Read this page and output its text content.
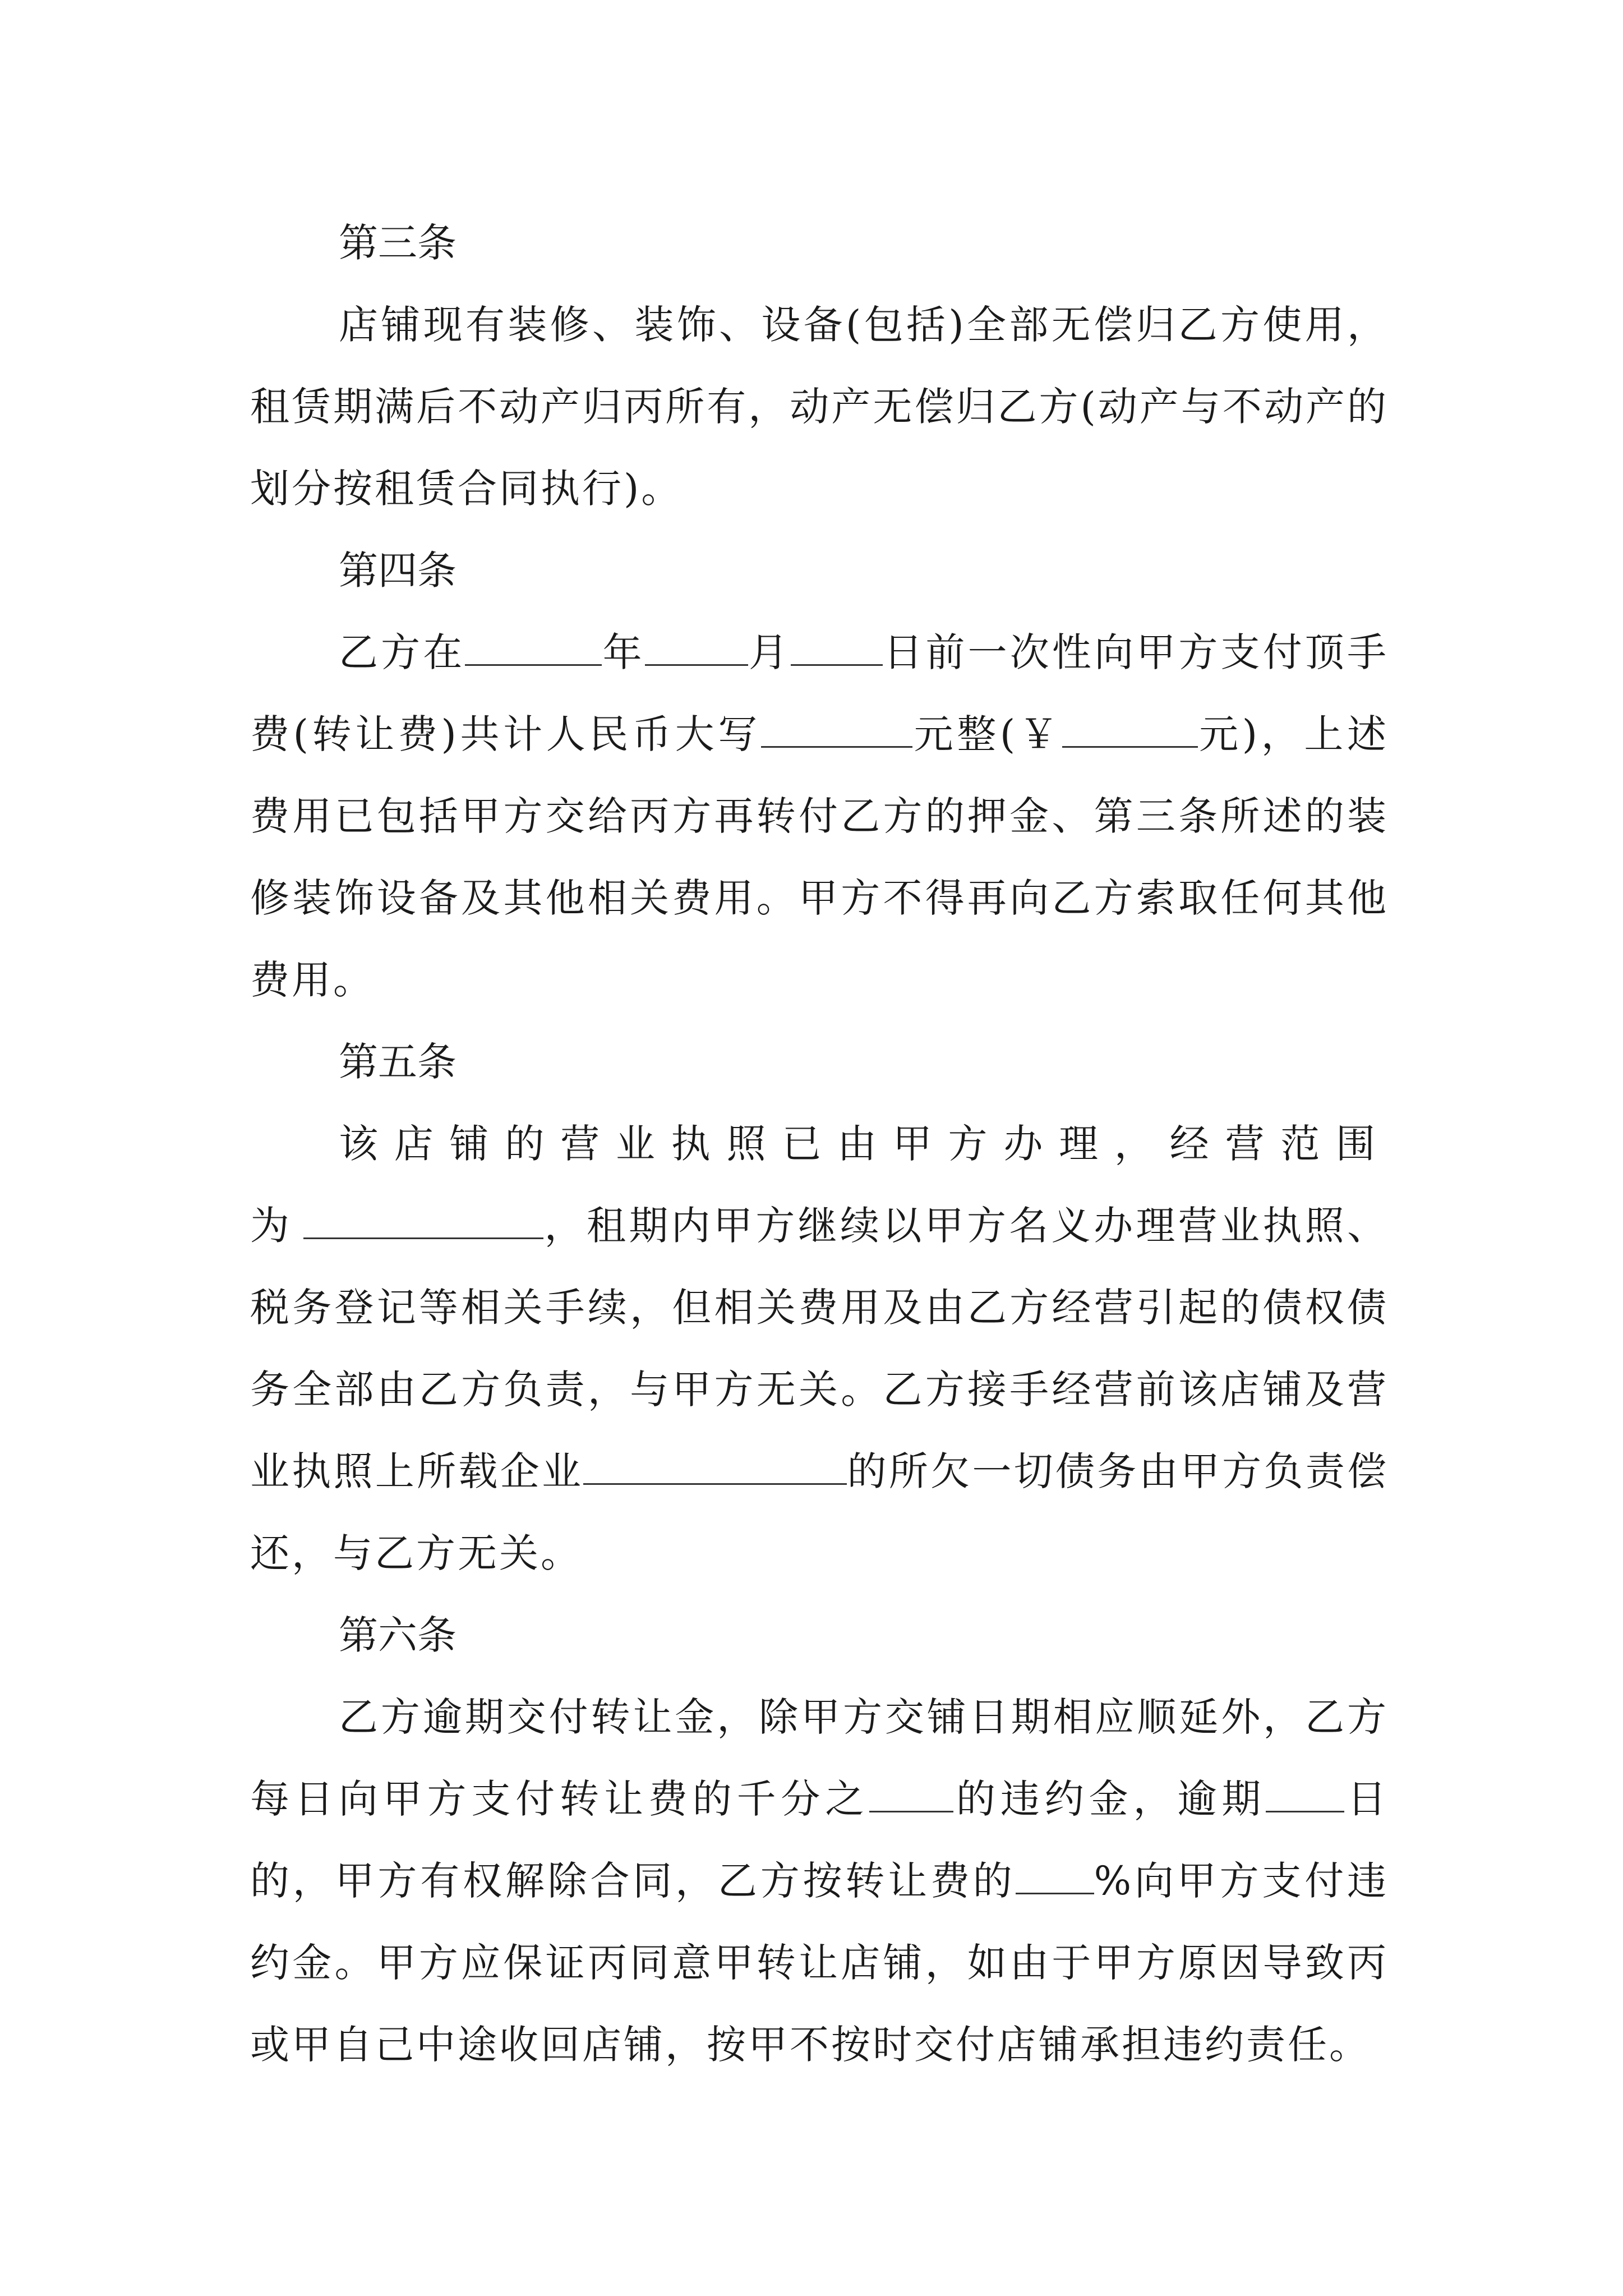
第三条
店铺现有装修、装饰、设备(包括)全部无偿归乙方使用，租赁期满后不动产归丙所有，动产无偿归乙方(动产与不动产的划分按租赁合同执行)。
第四条
乙方在	年	月 日前一次性向甲方支付顶手费(转让费)共计人民币大写	元整(￥	元)，上述费用已包括甲方交给丙方再转付乙方的押金、第三条所述的装修装饰设备及其他相关费用。甲方不得再向乙方索取任何其他费用。
第五条
该店铺的营业执照已由甲方办理，经营范围为	，租期内甲方继续以甲方名义办理营业执照、税务登记等相关手续，但相关费用及由乙方经营引起的债权债务全部由乙方负责，与甲方无关。乙方接手经营前该店铺及营业执照上所载企业	的所欠一切债务由甲方负责偿还，与乙方无关。
第六条
乙方逾期交付转让金，除甲方交铺日期相应顺延外，乙方每日向甲方支付转让费的千分之 的违约金，逾期 日的，甲方有权解除合同，乙方按转让费的 %向甲方支付违约金。甲方应保证丙同意甲转让店铺，如由于甲方原因导致丙或甲自己中途收回店铺，按甲不按时交付店铺承担违约责任。
